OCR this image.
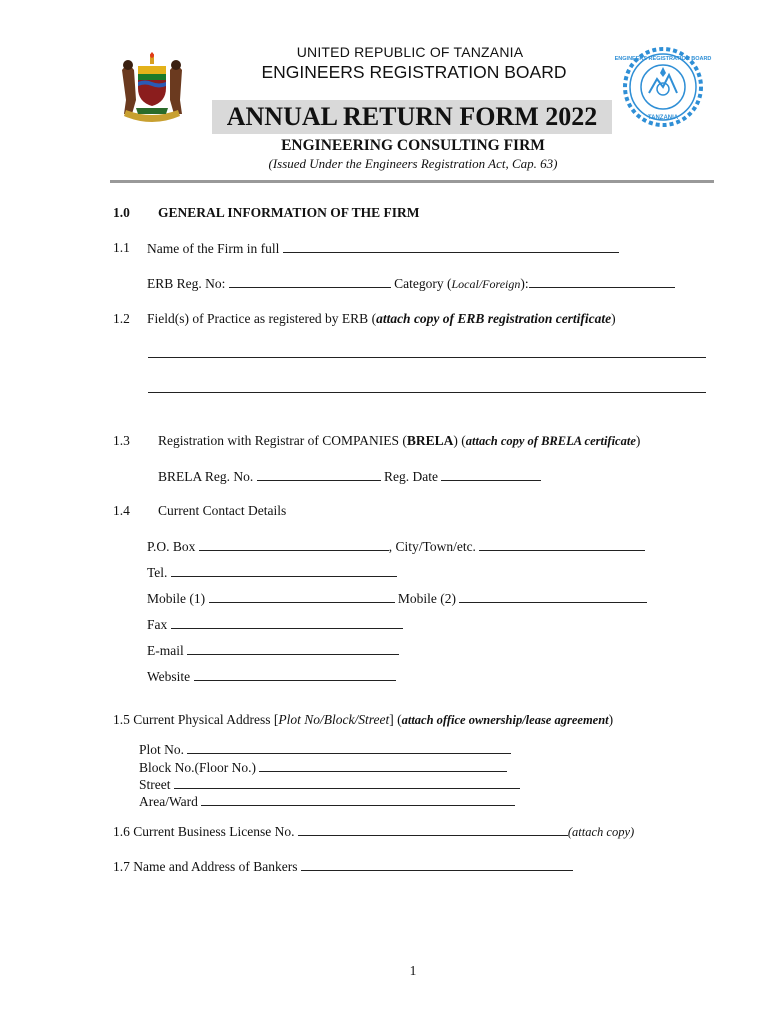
UNITED REPUBLIC OF TANZANIA
ENGINEERS REGISTRATION BOARD
ENGINEERS REGISTRATION BOARD
TANZANIA
ANNUAL RETURN FORM 2022
ENGINEERING CONSULTING FIRM
(Issued Under the Engineers Registration Act, Cap. 63)
1.0 GENERAL INFORMATION OF THE FIRM
1.1 Name of the Firm in full
ERB Reg. No:	Category (Local/Foreign):
1.2 Field(s) of Practice as registered by ERB (attach copy of ERB registration certificate)
1.3 Registration with Registrar of COMPANIES (BRELA) (attach copy of BRELA certificate)
BRELA Reg. No.	Reg. Date
1.4 Current Contact Details
P.O. Box	, City/Town/etc.
Tel.
Mobile (1)	Mobile (2)
Fax
E-mail
Website
1.5 Current Physical Address [Plot No/Block/Street] (attach office ownership/lease agreement)
Plot No.
Block No.(Floor No.)
Street
Area/Ward
1.6 Current Business License No.	(attach copy)
1.7 Name and Address of Bankers
1
